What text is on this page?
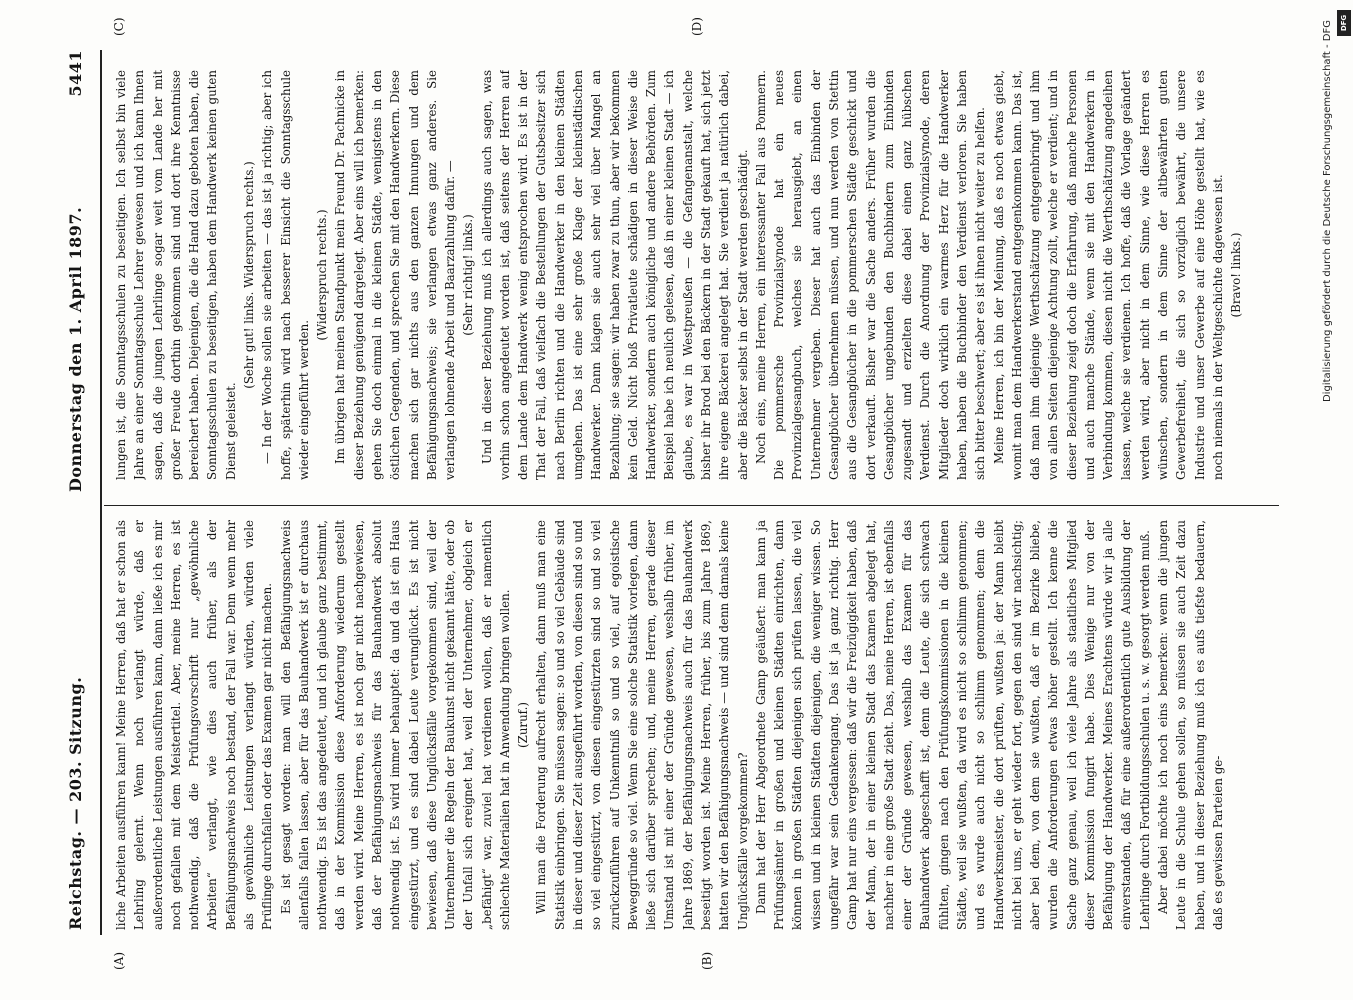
Reichstag. — 203. Sitzung.
Donnerstag den 1. April 1897.
5441
(A)	(B)
(C)	(D)

liche Arbeiten ausführen kann! Meine Herren, daß hat er schon als Lehrling gelernt. Wenn noch verlangt würde, daß er außerordentliche Leistungen ausführen kann, dann ließe ich es mir noch gefallen mit dem Meistertitel. Aber, meine Herren, es ist nothwendig, daß die Prüfungsvorschrift nur „gewöhnliche Arbeiten“ verlangt, wie dies auch früher, als der Befähigungsnachweis noch bestand, der Fall war. Denn wenn mehr als gewöhnliche Leistungen verlangt würden, würden viele Prüflinge durchfallen oder das Examen gar nicht machen. Es ist gesagt worden: man will den Befähigungsnachweis allenfalls fallen lassen, aber für das Bauhandwerk ist er durchaus nothwendig. Es ist das angedeutet, und ich glaube ganz bestimmt, daß in der Kommission diese Anforderung wiederum gestellt werden wird. Meine Herren, es ist noch gar nicht nachgewiesen, daß der Befähigungsnachweis für das Bauhandwerk absolut nothwendig ist. Es wird immer behauptet: da und da ist ein Haus eingestürzt, und es sind dabei Leute verunglückt. Es ist nicht bewiesen, daß diese Unglücksfälle vorgekommen sind, weil der Unternehmer die Regeln der Baukunst nicht gekannt hätte, oder ob der Unfall sich ereignet hat, weil der Unternehmer, obgleich er „befähigt“ war, zuviel hat verdienen wollen, daß er namentlich schlechte Materialien hat in Anwendung bringen wollen. (Zuruf.) Will man die Forderung aufrecht erhalten, dann muß man eine Statistik einbringen. Sie müssen sagen: so und so viel Gebäude sind in dieser und dieser Zeit ausgeführt worden, von diesen sind so und so viel eingestürzt, von diesen eingestürzten sind so und so viel zurückzuführen auf Unkenntniß so und so viel, auf egoistische Beweggründe so viel. Wenn Sie eine solche Statistik vorlegen, dann ließe sich darüber sprechen; und, meine Herren, gerade dieser Umstand ist mit einer der Gründe gewesen, weshalb früher, im Jahre 1869, der Befähigungsnachweis auch für das Bauhandwerk beseitigt worden ist. Meine Herren, früher, bis zum Jahre 1869, hatten wir den Befähigungsnachweis — und sind denn damals keine Unglücksfälle vorgekommen? Dann hat der Herr Abgeordnete Gamp geäußert: man kann ja Prüfungsämter in großen und kleinen Städten einrichten, dann können in großen Städten diejenigen sich prüfen lassen, die viel wissen und in kleinen Städten diejenigen, die weniger wissen. So ungefähr war sein Gedankengang. Das ist ja ganz richtig. Herr Gamp hat nur eins vergessen: daß wir die Freizügigkeit haben, daß der Mann, der in einer kleinen Stadt das Examen abgelegt hat, nachher in eine große Stadt zieht. Das, meine Herren, ist ebenfalls einer der Gründe gewesen, weshalb das Examen für das Bauhandwerk abgeschafft ist, denn die Leute, die sich schwach fühlten, gingen nach den Prüfungskommissionen in die kleinen Städte, weil sie wußten, da wird es nicht so schlimm genommen; und es wurde auch nicht so schlimm genommen; denn die Handwerksmeister, die dort prüften, wußten ja: der Mann bleibt nicht bei uns, er geht wieder fort, gegen den sind wir nachsichtig; aber bei dem, von dem sie wußten, daß er im Bezirke bliebe, wurden die Anforderungen etwas höher gestellt. Ich kenne die Sache ganz genau, weil ich viele Jahre als staatliches Mitglied dieser Kommission fungirt habe. Dies Wenige nur von der Befähigung der Handwerker. Meines Erachtens würde wir ja alle einverstanden, daß für eine außerordentlich gute Ausbildung der Lehrlinge durch Fortbildungsschulen u. s. w. gesorgt werden muß. Aber dabei möchte ich noch eins bemerken: wenn die jungen Leute in die Schule gehen sollen, so müssen sie auch Zeit dazu haben, und in dieser Beziehung muß ich es aufs tiefste bedauern, daß es gewissen Parteien ge-

lungen ist, die Sonntagsschulen zu beseitigen. Ich selbst bin viele Jahre an einer Sonntagsschule Lehrer gewesen und ich kann Ihnen sagen, daß die jungen Lehrlinge sogar weit vom Lande her mit großer Freude dorthin gekommen sind und dort ihre Kenntnisse bereichert haben. Diejenigen, die die Hand dazu geboten haben, die Sonntagsschulen zu beseitigen, haben dem Handwerk keinen guten Dienst geleistet.

(Sehr gut! links. Widerspruch rechts.) — In der Woche sollen sie arbeiten — das ist ja richtig; aber ich hoffe, späterhin wird nach besserer Einsicht die Sonntagsschule wieder eingeführt werden.

(Widerspruch rechts.) Im übrigen hat meinen Standpunkt mein Freund Dr. Pachnicke in dieser Beziehung genügend dargelegt. Aber eins will ich bemerken: gehen Sie doch einmal in die kleinen Städte, wenigstens in den östlichen Gegenden, und sprechen Sie mit den Handwerkern. Diese machen sich gar nichts aus den ganzen Innungen und dem Befähigungsnachweis; sie verlangen etwas ganz anderes. Sie verlangen lohnende Arbeit und Baarzahlung dafür. — (Sehr richtig! links.) Und in dieser Beziehung muß ich allerdings auch sagen, was vorhin schon angedeutet worden ist, daß seitens der Herren auf dem Lande dem Handwerk wenig entsprochen wird. Es ist in der That der Fall, daß vielfach die Bestellungen der Gutsbesitzer sich nach Berlin richten und die Handwerker in den kleinen Städten umgehen. Das ist eine sehr große Klage der kleinstädtischen Handwerker. Dann klagen sie auch sehr viel über Mangel an Bezahlung; sie sagen: wir haben zwar zu thun, aber wir bekommen kein Geld. Nicht bloß Privatleute schädigen in dieser Weise die Handwerker, sondern auch königliche und andere Behörden. Zum Beispiel habe ich neulich gelesen, daß in einer kleinen Stadt — ich glaube, es war in Westpreußen — die Gefangenanstalt, welche bisher ihr Brod bei den Bäckern in der Stadt gekauft hat, sich jetzt ihre eigene Bäckerei angelegt hat. Sie verdient ja natürlich dabei, aber die Bäcker selbst in der Stadt werden geschädigt. Noch eins, meine Herren, ein interessanter Fall aus Pommern. Die pommersche Provinzialsynode hat ein neues Provinzialgesangbuch, welches sie herausgiebt, an einen Unternehmer vergeben. Dieser hat auch das Einbinden der Gesangbücher übernehmen müssen, und nun werden von Stettin aus die Gesangbücher in die pommerschen Städte geschickt und dort verkauft. Bisher war die Sache anders. Früher wurden die Gesangbücher ungebunden den Buchbindern zum Einbinden zugesandt und erzielten diese dabei einen ganz hübschen Verdienst. Durch die Anordnung der Provinzialsynode, deren Mitglieder doch wirklich ein warmes Herz für die Handwerker haben, haben die Buchbinder den Verdienst verloren. Sie haben sich bitter beschwert; aber es ist ihnen nicht weiter zu helfen. Meine Herren, ich bin der Meinung, daß es noch etwas giebt, womit man dem Handwerkerstand entgegenkommen kann. Das ist, daß man ihm diejenige Werthschätzung entgegenbringt und ihm von allen Seiten diejenige Achtung zollt, welche er verdient; und in dieser Beziehung zeigt doch die Erfahrung, daß manche Personen und auch manche Stände, wenn sie mit den Handwerkern in Verbindung kommen, diesen nicht die Werthschätzung angedeihen lassen, welche sie verdienen. Ich hoffe, daß die Vorlage geändert werden wird, aber nicht in dem Sinne, wie diese Herren es wünschen, sondern in dem Sinne der altbewährten guten Gewerbefreiheit, die sich so vorzüglich bewährt, die unsere Industrie und unser Gewerbe auf eine Höhe gestellt hat, wie es noch niemals in der Weltgeschichte dagewesen ist. (Bravo! links.)	Digitalisierung gefördert durch die Deutsche Forschungsgemeinschaft - DFG	DFG
